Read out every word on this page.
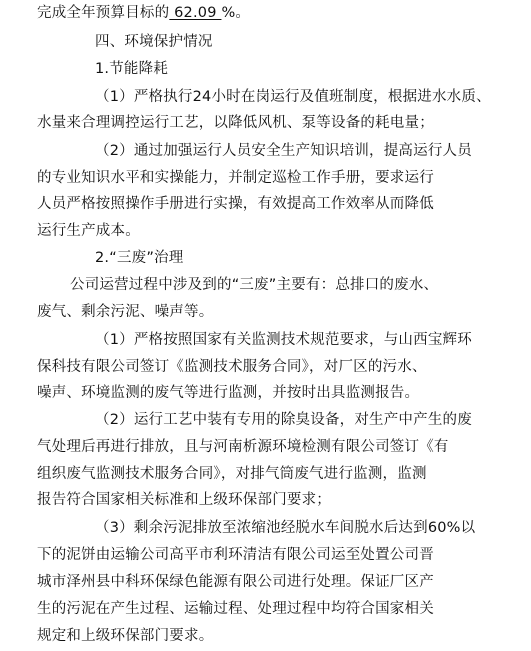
完成全年预算目标的 62.09 %。
四、环境保护情况
1.节能降耗
（1）严格执行24小时在岗运行及值班制度，根据进水水质、
水量来合理调控运行工艺，以降低风机、泵等设备的耗电量；
（2）通过加强运行人员安全生产知识培训，提高运行人员
的专业知识水平和实操能力，并制定巡检工作手册，要求运行
人员严格按照操作手册进行实操，有效提高工作效率从而降低
运行生产成本。
2.“三废”治理
公司运营过程中涉及到的“三废”主要有：总排口的废水、
废气、剩余污泥、噪声等。
（1）严格按照国家有关监测技术规范要求，与山西宝辉环
保科技有限公司签订《监测技术服务合同》，对厂区的污水、
噪声、环境监测的废气等进行监测，并按时出具监测报告。
（2）运行工艺中装有专用的除臭设备，对生产中产生的废
气处理后再进行排放，且与河南析源环境检测有限公司签订《有
组织废气监测技术服务合同》，对排气筒废气进行监测，监测
报告符合国家相关标准和上级环保部门要求；
（3）剩余污泥排放至浓缩池经脱水车间脱水后达到60%以
下的泥饼由运输公司高平市利环清洁有限公司运至处置公司晋
城市泽州县中科环保绿色能源有限公司进行处理。保证厂区产
生的污泥在产生过程、运输过程、处理过程中均符合国家相关
规定和上级环保部门要求。
